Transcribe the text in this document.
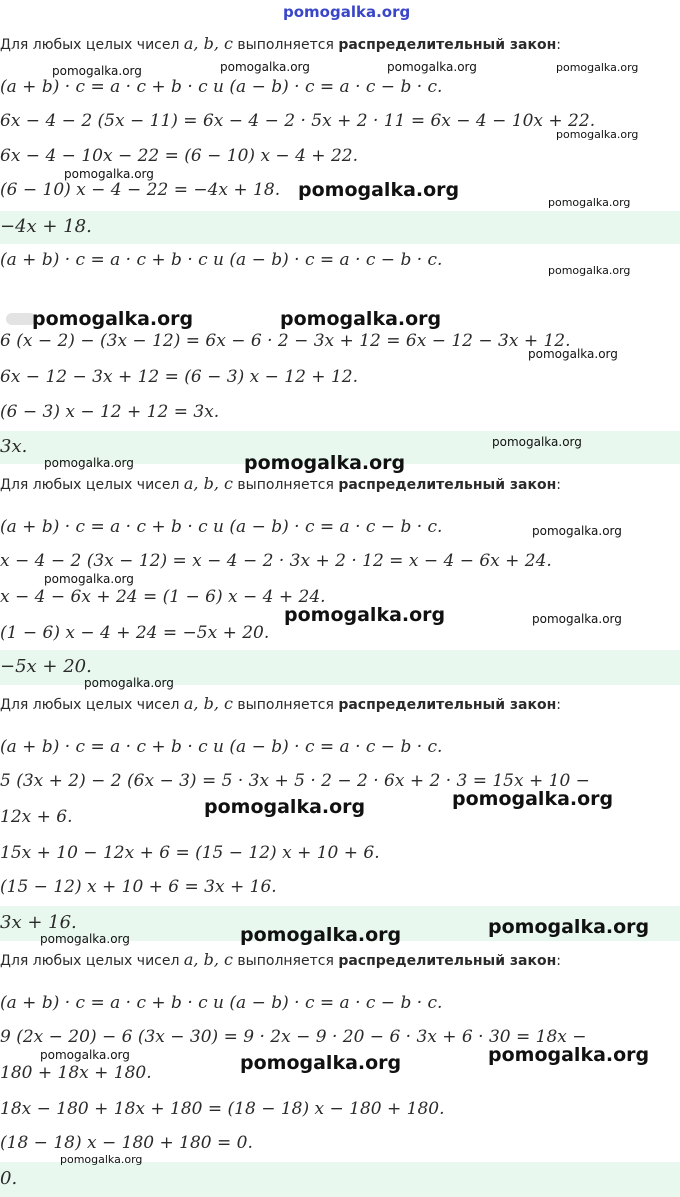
pomogalka.org
Для любых целых чисел a, b, c выполняется распределительный закон:
(a + b) · c = a · c + b · c и (a − b) · c = a · c − b · c.
6x − 4 − 2 (5x − 11) = 6x − 4 − 2 · 5x + 2 · 11 = 6x − 4 − 10x + 22.
6x − 4 − 10x − 22 = (6 − 10) x − 4 + 22.
(6 − 10) x − 4 − 22 = −4x + 18.
−4x + 18.
(a + b) · c = a · c + b · c и (a − b) · c = a · c − b · c.
6 (x − 2) − (3x − 12) = 6x − 6 · 2 − 3x + 12 = 6x − 12 − 3x + 12.
6x − 12 − 3x + 12 = (6 − 3) x − 12 + 12.
(6 − 3) x − 12 + 12 = 3x.
3x.
Для любых целых чисел a, b, c выполняется распределительный закон:
(a + b) · c = a · c + b · c и (a − b) · c = a · c − b · c.
x − 4 − 2 (3x − 12) = x − 4 − 2 · 3x + 2 · 12 = x − 4 − 6x + 24.
x − 4 − 6x + 24 = (1 − 6) x − 4 + 24.
(1 − 6) x − 4 + 24 = −5x + 20.
−5x + 20.
Для любых целых чисел a, b, c выполняется распределительный закон:
(a + b) · c = a · c + b · c и (a − b) · c = a · c − b · c.
5 (3x + 2) − 2 (6x − 3) = 5 · 3x + 5 · 2 − 2 · 6x + 2 · 3 = 15x + 10 −
12x + 6.
15x + 10 − 12x + 6 = (15 − 12) x + 10 + 6.
(15 − 12) x + 10 + 6 = 3x + 16.
3x + 16.
Для любых целых чисел a, b, c выполняется распределительный закон:
(a + b) · c = a · c + b · c и (a − b) · c = a · c − b · c.
9 (2x − 20) − 6 (3x − 30) = 9 · 2x − 9 · 20 − 6 · 3x + 6 · 30 = 18x −
180 + 18x + 180.
18x − 180 + 18x + 180 = (18 − 18) x − 180 + 180.
(18 − 18) x − 180 + 180 = 0.
0.
pomogalka.org	pomogalka.org	pomogalka.org	pomogalka.org
pomogalka.org
pomogalka.org
pomogalka.org
pomogalka.org
pomogalka.org
pomogalka.org	pomogalka.org
pomogalka.org
pomogalka.org
pomogalka.org	pomogalka.org
pomogalka.org
pomogalka.org
pomogalka.org	pomogalka.org
pomogalka.org
pomogalka.org	pomogalka.org
pomogalka.org
pomogalka.org	pomogalka.org
pomogalka.org	pomogalka.org	pomogalka.org
pomogalka.org
